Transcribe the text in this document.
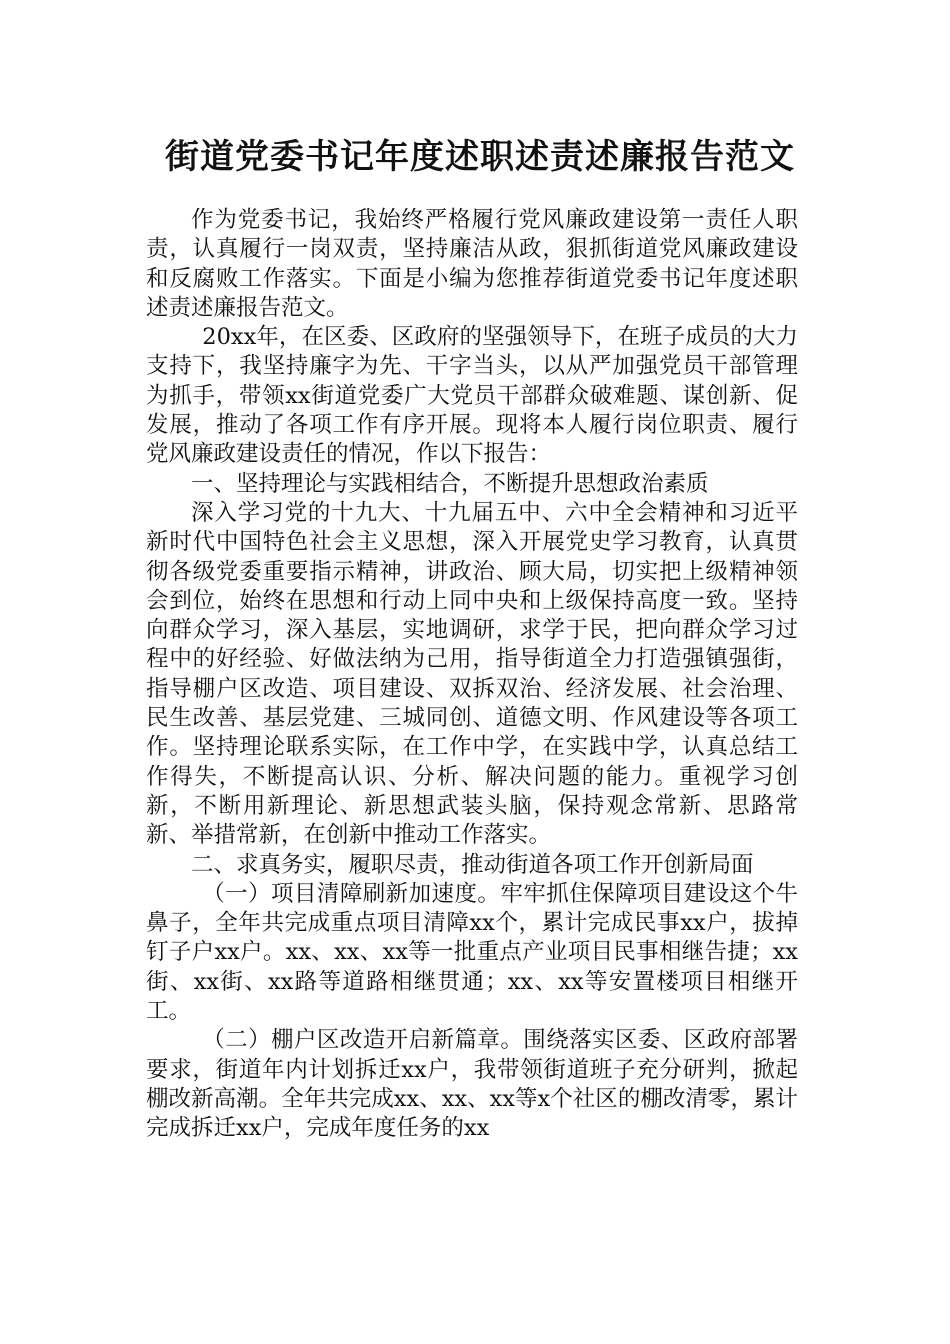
街道党委书记年度述职述责述廉报告范文

作为党委书记，我始终严格履行党风廉政建设第一责任人职责，认真履行一岗双责，坚持廉洁从政，狠抓街道党风廉政建设和反腐败工作落实。下面是小编为您推荐街道党委书记年度述职述责述廉报告范文。

20xx年，在区委、区政府的坚强领导下，在班子成员的大力支持下，我坚持廉字为先、干字当头，以从严加强党员干部管理为抓手，带领xx街道党委广大党员干部群众破难题、谋创新、促发展，推动了各项工作有序开展。现将本人履行岗位职责、履行党风廉政建设责任的情况，作以下报告：

一、坚持理论与实践相结合，不断提升思想政治素质

深入学习党的十九大、十九届五中、六中全会精神和习近平新时代中国特色社会主义思想，深入开展党史学习教育，认真贯彻各级党委重要指示精神，讲政治、顾大局，切实把上级精神领会到位，始终在思想和行动上同中央和上级保持高度一致。坚持向群众学习，深入基层，实地调研，求学于民，把向群众学习过程中的好经验、好做法纳为己用，指导街道全力打造强镇强街，指导棚户区改造、项目建设、双拆双治、经济发展、社会治理、民生改善、基层党建、三城同创、道德文明、作风建设等各项工作。坚持理论联系实际，在工作中学，在实践中学，认真总结工作得失，不断提高认识、分析、解决问题的能力。重视学习创新，不断用新理论、新思想武装头脑，保持观念常新、思路常新、举措常新，在创新中推动工作落实。

二、求真务实，履职尽责，推动街道各项工作开创新局面

（一）项目清障刷新加速度。牢牢抓住保障项目建设这个牛鼻子，全年共完成重点项目清障xx个，累计完成民事xx户，拔掉钉子户xx户。xx、xx、xx等一批重点产业项目民事相继告捷；xx街、xx街、xx路等道路相继贯通；xx、xx等安置楼项目相继开工。

（二）棚户区改造开启新篇章。围绕落实区委、区政府部署要求，街道年内计划拆迁xx户，我带领街道班子充分研判，掀起棚改新高潮。全年共完成xx、xx、xx等x个社区的棚改清零，累计完成拆迁xx户，完成年度任务的xx
